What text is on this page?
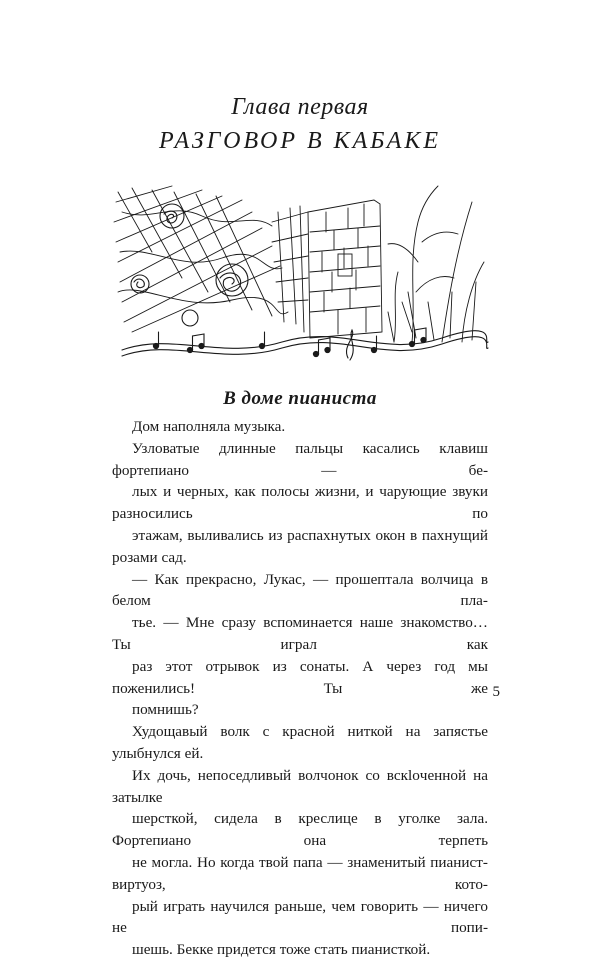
Глава первая
РАЗГОВОР В КАБАКЕ
В доме пианиста

Дом наполняла музыка.

Узловатые длинные пальцы касались клавиш фортепиано — бе-
лых и черных, как полосы жизни, и чарующие звуки разносились по
этажам, выливались из распахнутых окон в пахнущий розами сад.

— Как прекрасно, Лукас, — прошептала волчица в белом пла-
тье. — Мне сразу вспоминается наше знакомство… Ты играл как
раз этот отрывок из сонаты. А через год мы поженились! Ты же
помнишь?

Худощавый волк с красной ниткой на запястье улыбнулся ей.

Их дочь, непоседливый волчонок со вскloченной на затылке
шерсткой, сидела в креслице в уголке зала. Фортепиано она терпеть
не могла. Но когда твой папа — знаменитый пианист-виртуоз, кото-
рый играть научился раньше, чем говорить — ничего не попи-
шешь. Бекке придется тоже стать пианисткой.

5
